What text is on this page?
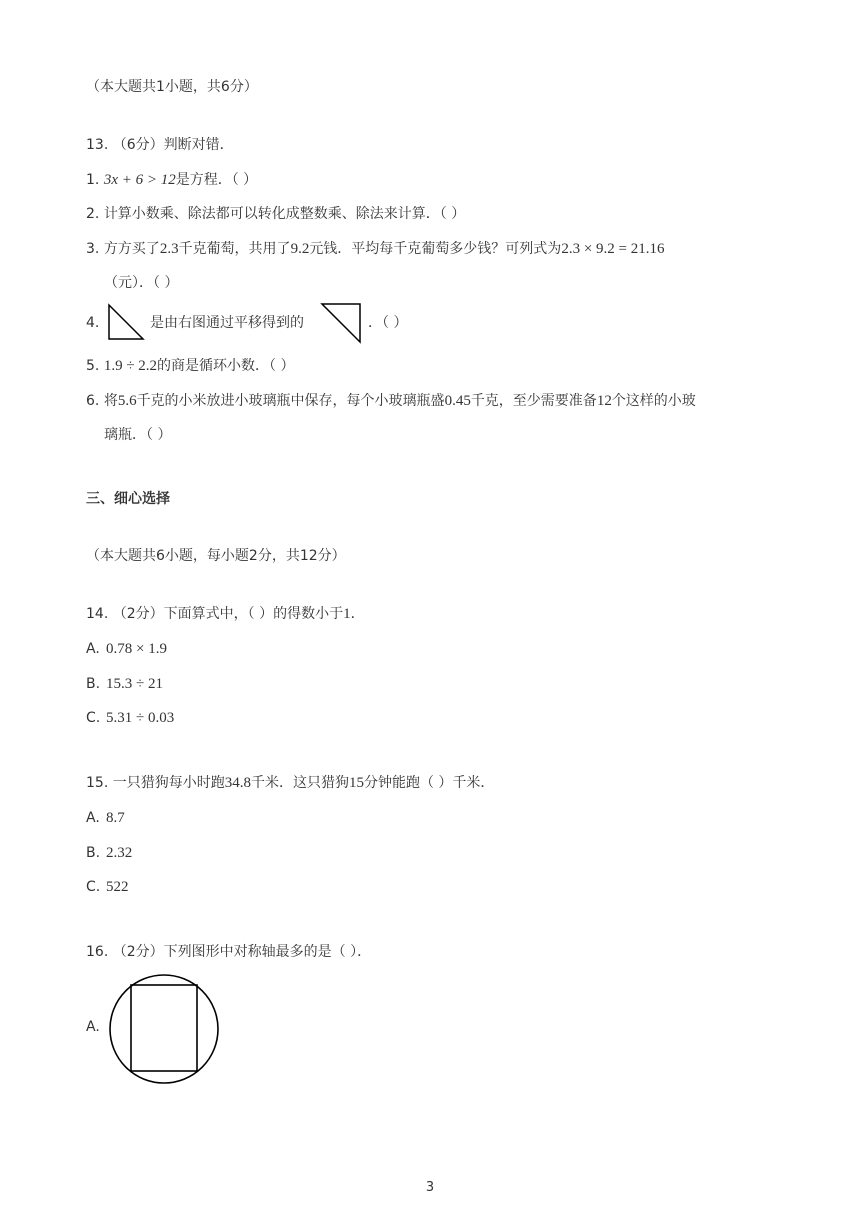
（本大题共1小题，共6分）
13. （6分）判断对错．
1. 3x + 6 > 12是方程．（ ）
2. 计算小数乘、除法都可以转化成整数乘、除法来计算．（ ）
3. 方方买了2.3千克葡萄，共用了9.2元钱．平均每千克葡萄多少钱？可列式为2.3 × 9.2 = 21.16
（元）．（ ）
4.	是由右图通过平移得到的	．（ ）
5. 1.9 ÷ 2.2的商是循环小数．（ ）
6. 将5.6千克的小米放进小玻璃瓶中保存，每个小玻璃瓶盛0.45千克，至少需要准备12个这样的小玻
璃瓶．（ ）
三、细心选择
（本大题共6小题，每小题2分，共12分）
14. （2分）下面算式中，（ ）的得数小于1．
A. 0.78 × 1.9
B. 15.3 ÷ 21
C. 5.31 ÷ 0.03
15. 一只猎狗每小时跑34.8千米．这只猎狗15分钟能跑（ ）千米．
A. 8.7
B. 2.32
C. 522
16. （2分）下列图形中对称轴最多的是（ ）．
A.
3
